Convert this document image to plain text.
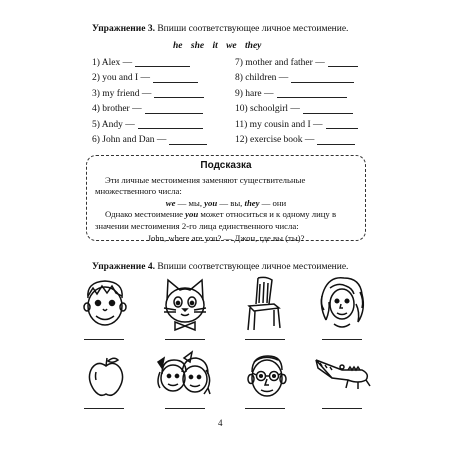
Упражнение 3. Впиши соответствующее личное местоимение.
he she it we they
1) Alex —	7) mother and father —
2) you and I —	8) children —
3) my friend —	9) hare —
4) brother —	10) schoolgirl —
5) Andy —	11) my cousin and I —
6) John and Dan —	12) exercise book —
Подсказка

Эти личные местоимения заменяют существительные множественного числа:

we — мы, you — вы, they — они

Однако местоимение you может относиться и к одному лицу в значении местоимения 2-го лица единственного числа:

John, where are you? — Джон, где вы (ты)?

Упражнение 4. Впиши соответствующее личное местоимение.
4
